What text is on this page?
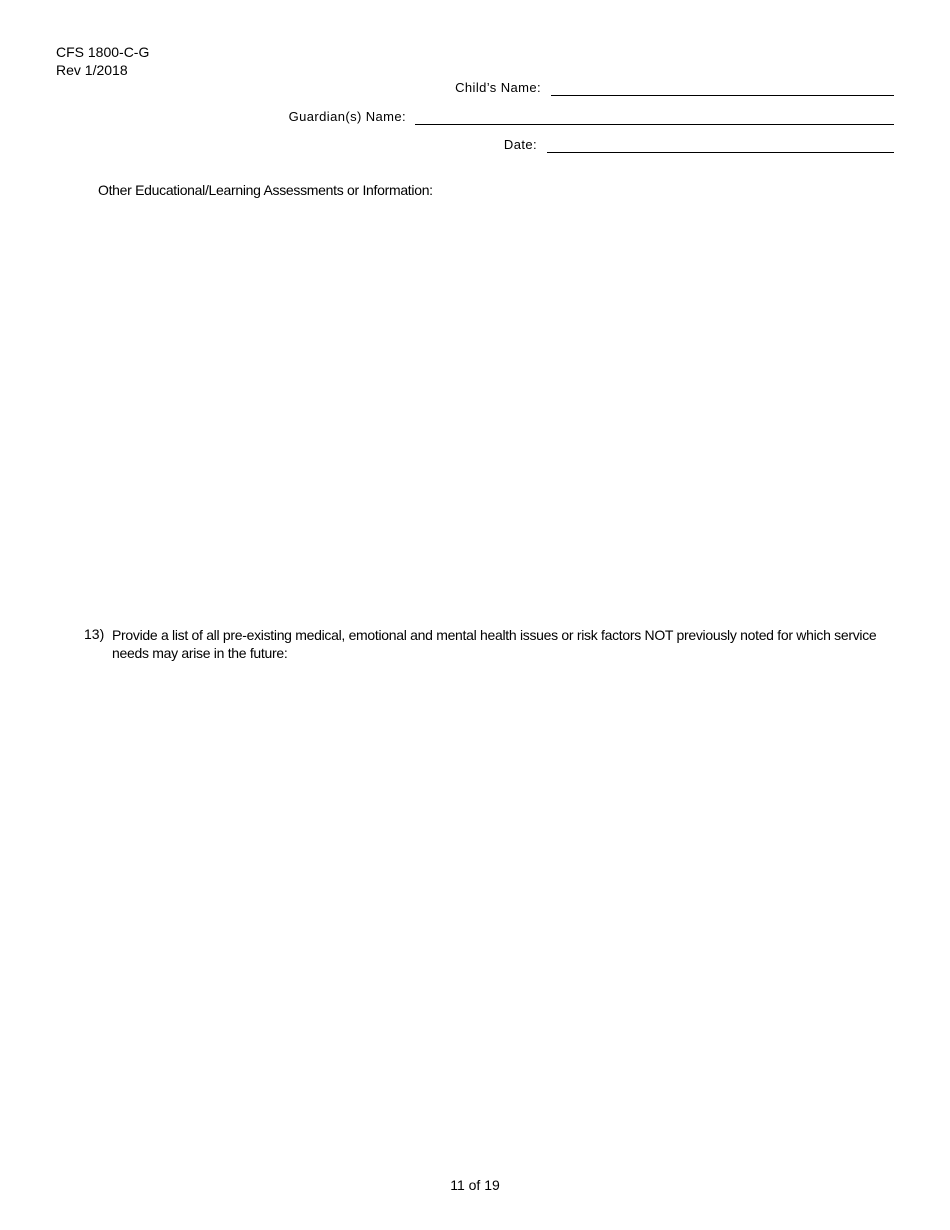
CFS 1800-C-G
Rev 1/2018
Child’s Name:
Guardian(s) Name:
Date:
Other Educational/Learning Assessments or Information:
13) Provide a list of all pre-existing medical, emotional and mental health issues or risk factors NOT previously noted for which service needs may arise in the future:
11 of 19
